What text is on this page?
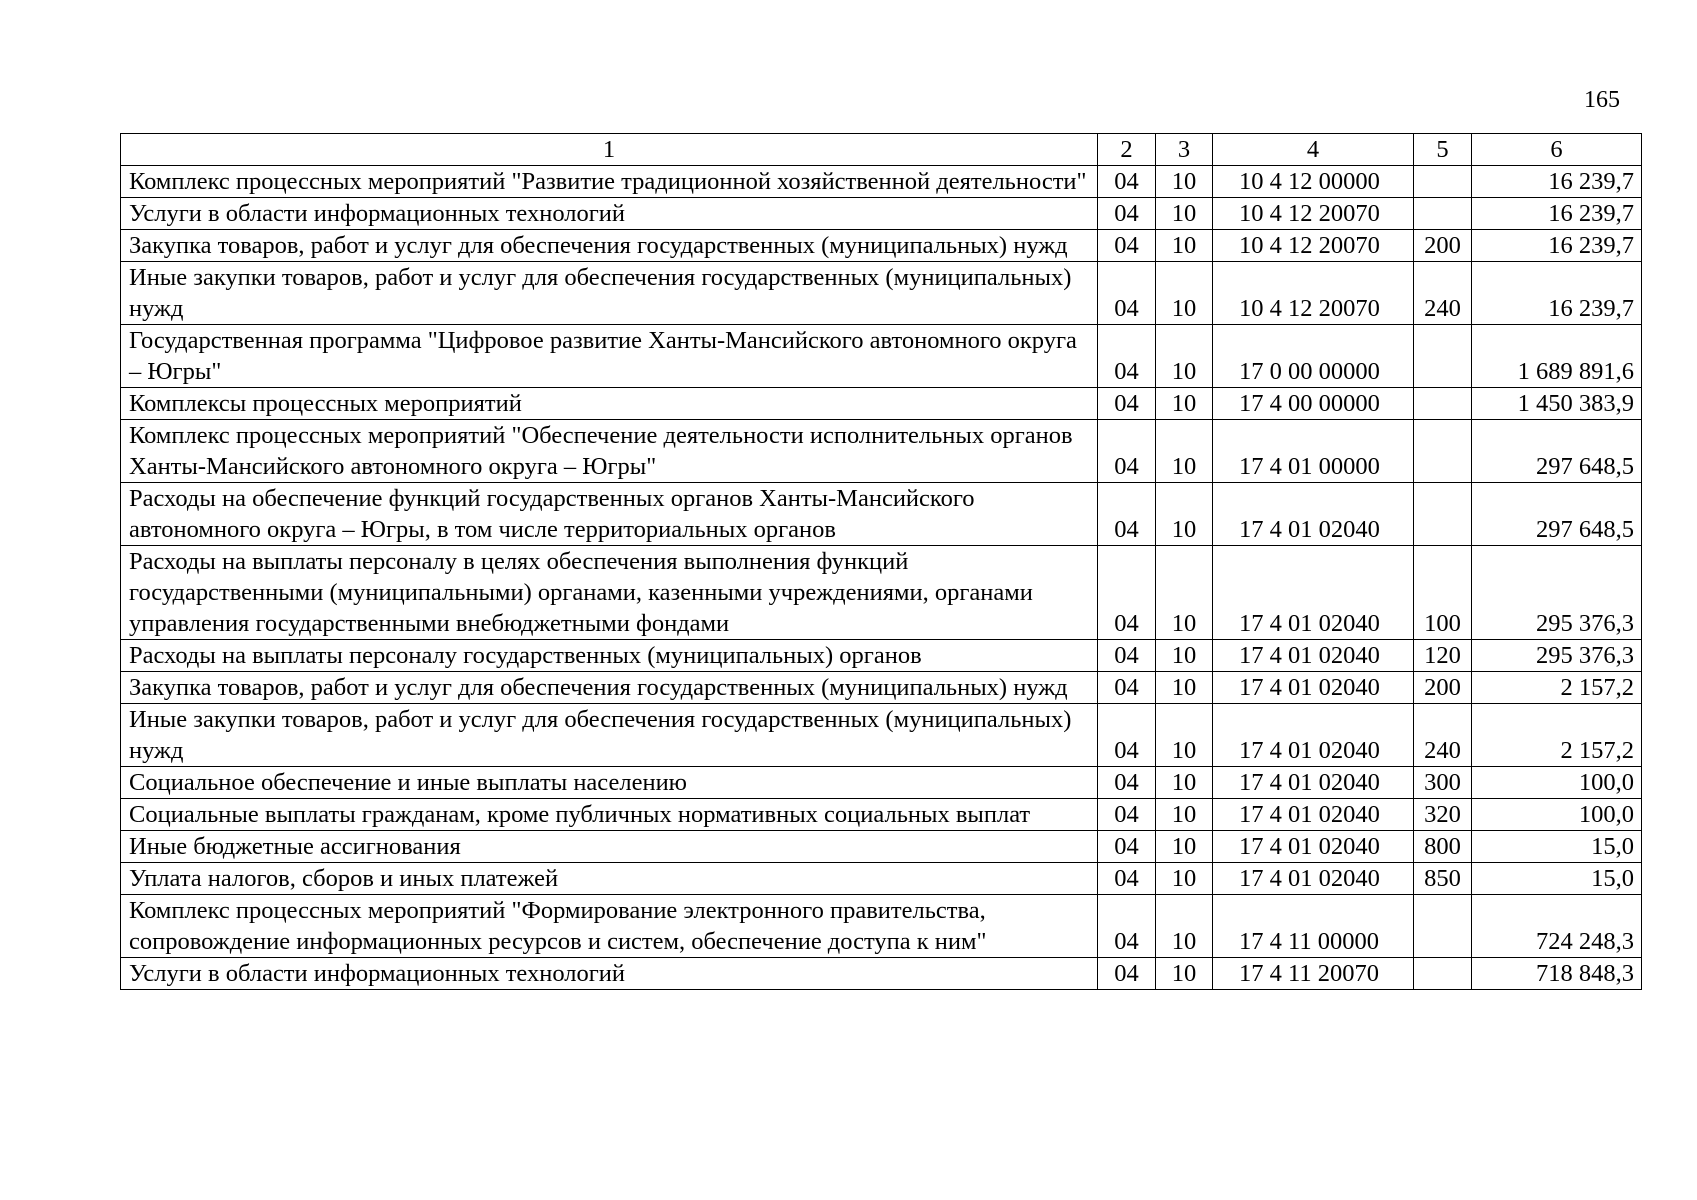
165
1	2	3	4	5	6
Комплекс процессных мероприятий "Развитие традиционной хозяйственной деятельности"	04	10	10 4 12 00000		16 239,7
Услуги в области информационных технологий	04	10	10 4 12 20070		16 239,7
Закупка товаров, работ и услуг для обеспечения государственных (муниципальных) нужд	04	10	10 4 12 20070	200	16 239,7
Иные закупки товаров, работ и услуг для обеспечения государственных (муниципальных) нужд	04	10	10 4 12 20070	240	16 239,7
Государственная программа "Цифровое развитие Ханты-Мансийского автономного округа – Югры"	04	10	17 0 00 00000		1 689 891,6
Комплексы процессных мероприятий	04	10	17 4 00 00000		1 450 383,9
Комплекс процессных мероприятий "Обеспечение деятельности исполнительных органов Ханты-Мансийского автономного округа – Югры"	04	10	17 4 01 00000		297 648,5
Расходы на обеспечение функций государственных органов Ханты-Мансийского автономного округа – Югры, в том числе территориальных органов	04	10	17 4 01 02040		297 648,5
Расходы на выплаты персоналу в целях обеспечения выполнения функций государственными (муниципальными) органами, казенными учреждениями, органами управления государственными внебюджетными фондами	04	10	17 4 01 02040	100	295 376,3
Расходы на выплаты персоналу государственных (муниципальных) органов	04	10	17 4 01 02040	120	295 376,3
Закупка товаров, работ и услуг для обеспечения государственных (муниципальных) нужд	04	10	17 4 01 02040	200	2 157,2
Иные закупки товаров, работ и услуг для обеспечения государственных (муниципальных) нужд	04	10	17 4 01 02040	240	2 157,2
Социальное обеспечение и иные выплаты населению	04	10	17 4 01 02040	300	100,0
Социальные выплаты гражданам, кроме публичных нормативных социальных выплат	04	10	17 4 01 02040	320	100,0
Иные бюджетные ассигнования	04	10	17 4 01 02040	800	15,0
Уплата налогов, сборов и иных платежей	04	10	17 4 01 02040	850	15,0
Комплекс процессных мероприятий "Формирование электронного правительства, сопровождение информационных ресурсов и систем, обеспечение доступа к ним"	04	10	17 4 11 00000		724 248,3
Услуги в области информационных технологий	04	10	17 4 11 20070		718 848,3
